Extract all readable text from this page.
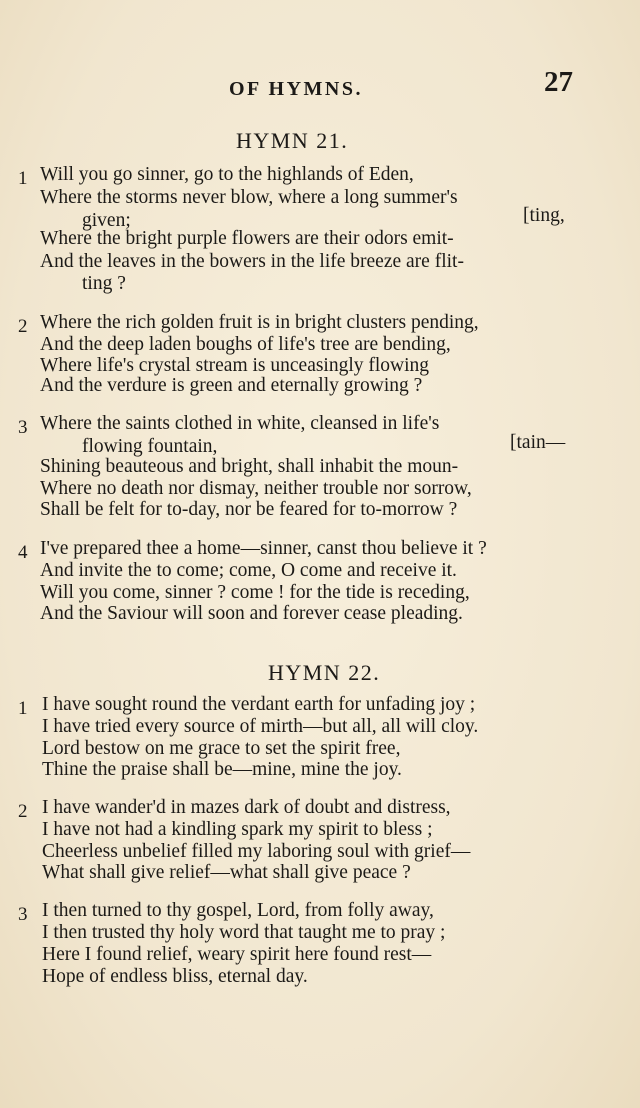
OF HYMNS.	27
HYMN 21.
1 Will you go sinner, go to the highlands of Eden,
Where the storms never blow, where a long summer's
given;	[ting,
Where the bright purple flowers are their odors emit-
And the leaves in the bowers in the life breeze are flit-
ting ?
2 Where the rich golden fruit is in bright clusters pending,
And the deep laden boughs of life's tree are bending,
Where life's crystal stream is unceasingly flowing
And the verdure is green and eternally growing ?
3 Where the saints clothed in white, cleansed in life's
flowing fountain,	[tain—
Shining beauteous and bright, shall inhabit the moun-
Where no death nor dismay, neither trouble nor sorrow,
Shall be felt for to-day, nor be feared for to-morrow ?
4 I've prepared thee a home—sinner, canst thou believe it ?
And invite the to come; come, O come and receive it.
Will you come, sinner ? come ! for the tide is receding,
And the Saviour will soon and forever cease pleading.
HYMN 22.
1 I have sought round the verdant earth for unfading joy ;
I have tried every source of mirth—but all, all will cloy.
Lord bestow on me grace to set the spirit free,
Thine the praise shall be—mine, mine the joy.
2 I have wander'd in mazes dark of doubt and distress,
I have not had a kindling spark my spirit to bless ;
Cheerless unbelief filled my laboring soul with grief—
What shall give relief—what shall give peace ?
3 I then turned to thy gospel, Lord, from folly away,
I then trusted thy holy word that taught me to pray ;
Here I found relief, weary spirit here found rest—
Hope of endless bliss, eternal day.
